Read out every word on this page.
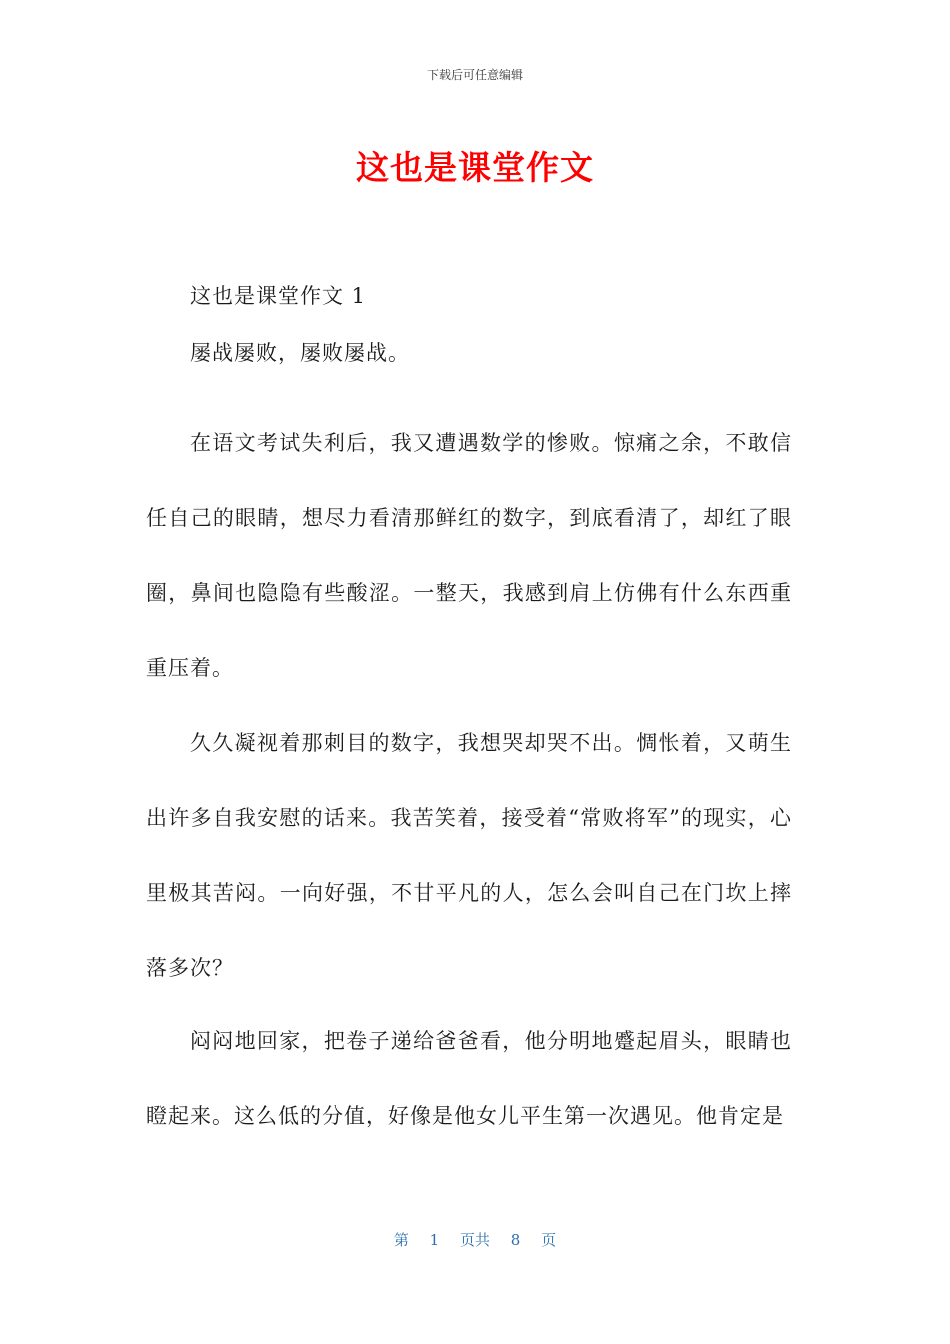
下载后可任意编辑
这也是课堂作文
这也是课堂作文 1

屡战屡败，屡败屡战。

在语文考试失利后，我又遭遇数学的惨败。惊痛之余，不敢信任自己的眼睛，想尽力看清那鲜红的数字，到底看清了，却红了眼圈，鼻间也隐隐有些酸涩。一整天，我感到肩上仿佛有什么东西重重压着。

久久凝视着那刺目的数字，我想哭却哭不出。惆怅着，又萌生出许多自我安慰的话来。我苦笑着，接受着“常败将军”的现实，心里极其苦闷。一向好强，不甘平凡的人，怎么会叫自己在门坎上摔落多次？

闷闷地回家，把卷子递给爸爸看，他分明地蹙起眉头，眼睛也瞪起来。这么低的分值，好像是他女儿平生第一次遇见。他肯定是

第 1 页共 8 页
